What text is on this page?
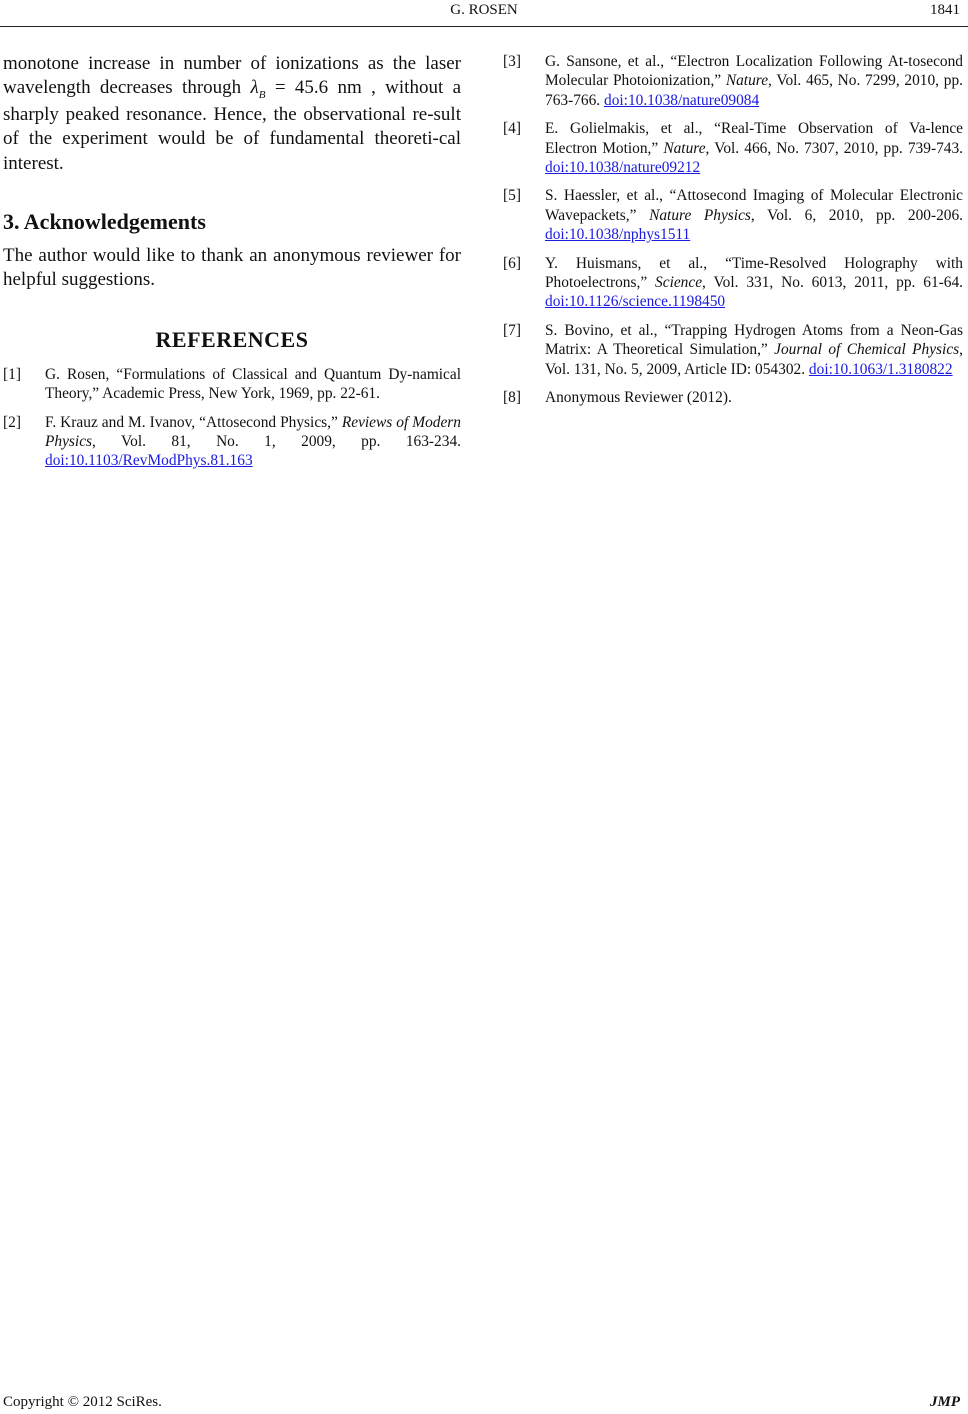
G. ROSEN	1841

monotone increase in number of ionizations as the laser wavelength decreases through $\lambda_B = 45.6$ nm , without a sharply peaked resonance. Hence, the observational re-sult of the experiment would be of fundamental theoreti-cal interest.

3. Acknowledgements

The author would like to thank an anonymous reviewer for helpful suggestions.

REFERENCES
[1]	G. Rosen, “Formulations of Classical and Quantum Dy-namical Theory,” Academic Press, New York, 1969, pp. 22-61.
[2]	F. Krauz and M. Ivanov, “Attosecond Physics,” Reviews of Modern Physics, Vol. 81, No. 1, 2009, pp. 163-234. doi:10.1103/RevModPhys.81.163
[3]	G. Sansone, et al., “Electron Localization Following At-tosecond Molecular Photoionization,” Nature, Vol. 465, No. 7299, 2010, pp. 763-766. doi:10.1038/nature09084
[4]	E. Golielmakis, et al., “Real-Time Observation of Va-lence Electron Motion,” Nature, Vol. 466, No. 7307, 2010, pp. 739-743. doi:10.1038/nature09212
[5]	S. Haessler, et al., “Attosecond Imaging of Molecular Electronic Wavepackets,” Nature Physics, Vol. 6, 2010, pp. 200-206. doi:10.1038/nphys1511
[6]	Y. Huismans, et al., “Time-Resolved Holography with Photoelectrons,” Science, Vol. 331, No. 6013, 2011, pp. 61-64. doi:10.1126/science.1198450
[7]	S. Bovino, et al., “Trapping Hydrogen Atoms from a Neon-Gas Matrix: A Theoretical Simulation,” Journal of Chemical Physics, Vol. 131, No. 5, 2009, Article ID: 054302. doi:10.1063/1.3180822
[8]	Anonymous Reviewer (2012).
Copyright © 2012 SciRes.	JMP
